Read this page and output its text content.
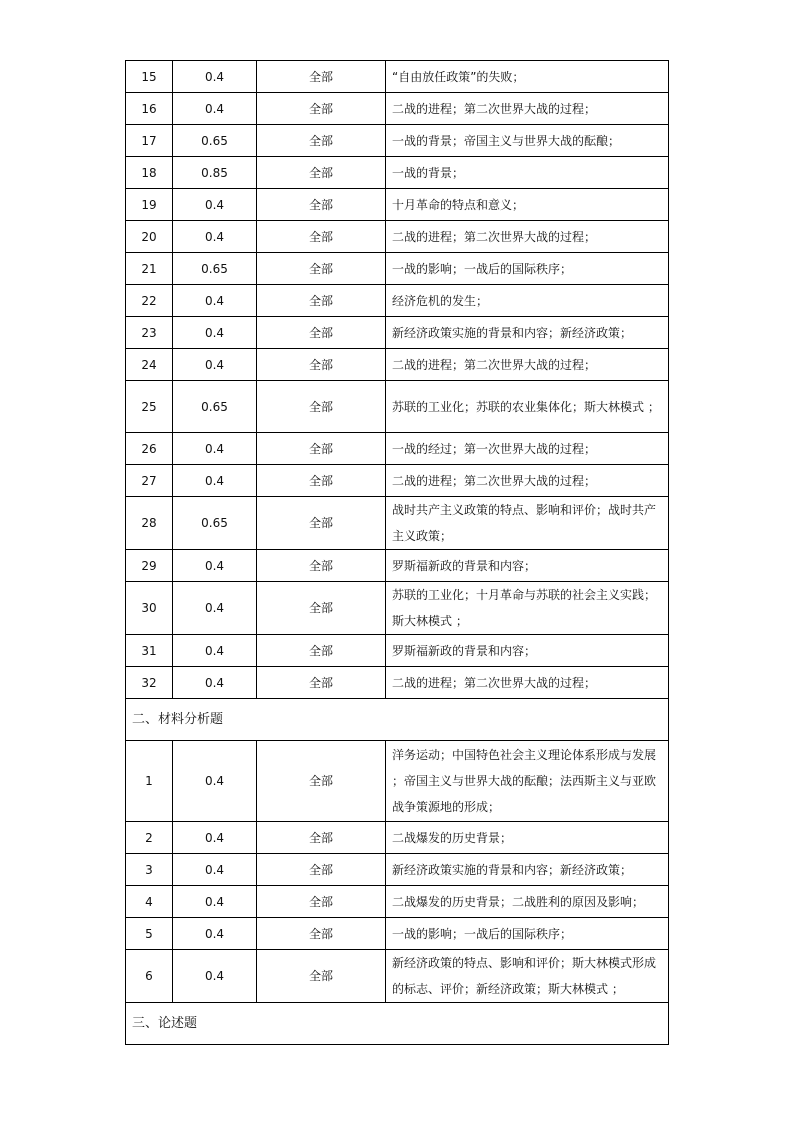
15	0.4	全部	“自由放任政策”的失败；
16	0.4	全部	二战的进程；第二次世界大战的过程；
17	0.65	全部	一战的背景；帝国主义与世界大战的酝酿；
18	0.85	全部	一战的背景；
19	0.4	全部	十月革命的特点和意义；
20	0.4	全部	二战的进程；第二次世界大战的过程；
21	0.65	全部	一战的影响；一战后的国际秩序；
22	0.4	全部	经济危机的发生；
23	0.4	全部	新经济政策实施的背景和内容；新经济政策；
24	0.4	全部	二战的进程；第二次世界大战的过程；
25	0.65	全部	苏联的工业化；苏联的农业集体化；斯大林模式 ；
26	0.4	全部	一战的经过；第一次世界大战的过程；
27	0.4	全部	二战的进程；第二次世界大战的过程；
28	0.65	全部	战时共产主义政策的特点、影响和评价；战时共产主义政策；
29	0.4	全部	罗斯福新政的背景和内容；
30	0.4	全部	苏联的工业化；十月革命与苏联的社会主义实践；斯大林模式 ；
31	0.4	全部	罗斯福新政的背景和内容；
32	0.4	全部	二战的进程；第二次世界大战的过程；
二、材料分析题			
1	0.4	全部	洋务运动；中国特色社会主义理论体系形成与发展 ；帝国主义与世界大战的酝酿；法西斯主义与亚欧战争策源地的形成；
2	0.4	全部	二战爆发的历史背景；
3	0.4	全部	新经济政策实施的背景和内容；新经济政策；
4	0.4	全部	二战爆发的历史背景；二战胜利的原因及影响；
5	0.4	全部	一战的影响；一战后的国际秩序；
6	0.4	全部	新经济政策的特点、影响和评价；斯大林模式形成的标志、评价；新经济政策；斯大林模式 ；
三、论述题			
